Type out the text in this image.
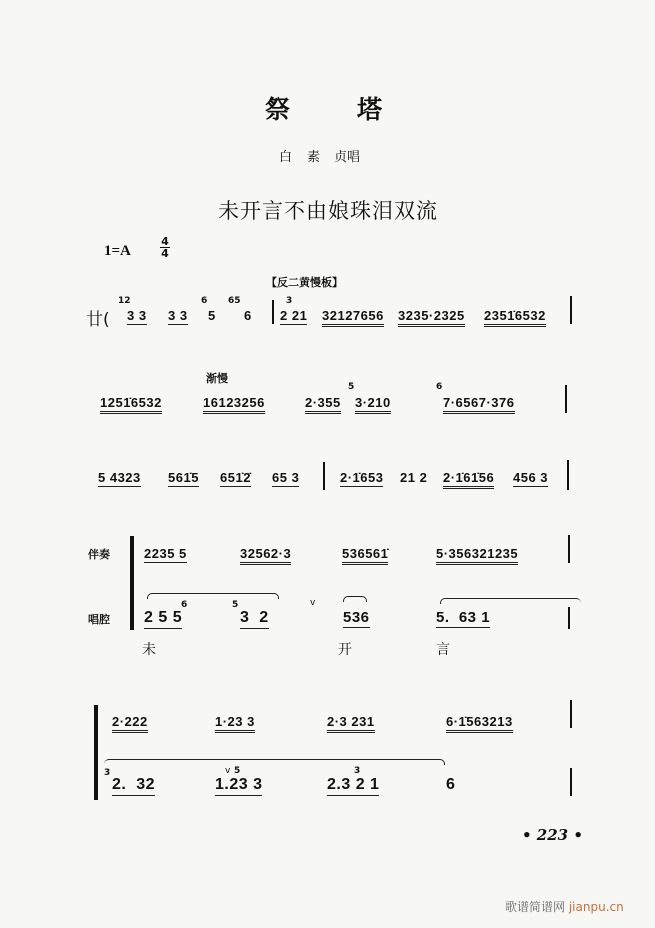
祭	塔
白 素 贞唱
未开言不由娘珠泪双流
1=A	$\frac{4}{4}$
【反二黄慢板】
廿(
12
3 3 3 3
6
5
65
6
3
2 21 32127656 3235·2325 2351̇6532
渐慢
1251̇6532	16123256	2·355
5
3·210
6
7·6567·376
5 4323 561̇5 651̇2̇ 65 3	2·1̇653 21 2 2·1̇61̇56 456 3
伴奏
唱腔
2235 5	32562·3	536561̇	5·356321235
6	5
2 5 5	3  2
v
536	5.  63 1
未	开	言
2·222	1·23 3	2·3 231	6·1̇563213
3
2.  32
v 5
1.23 3
3
2.3 2 1	6
• 223 •
歌谱简谱网 jianpu.cn
